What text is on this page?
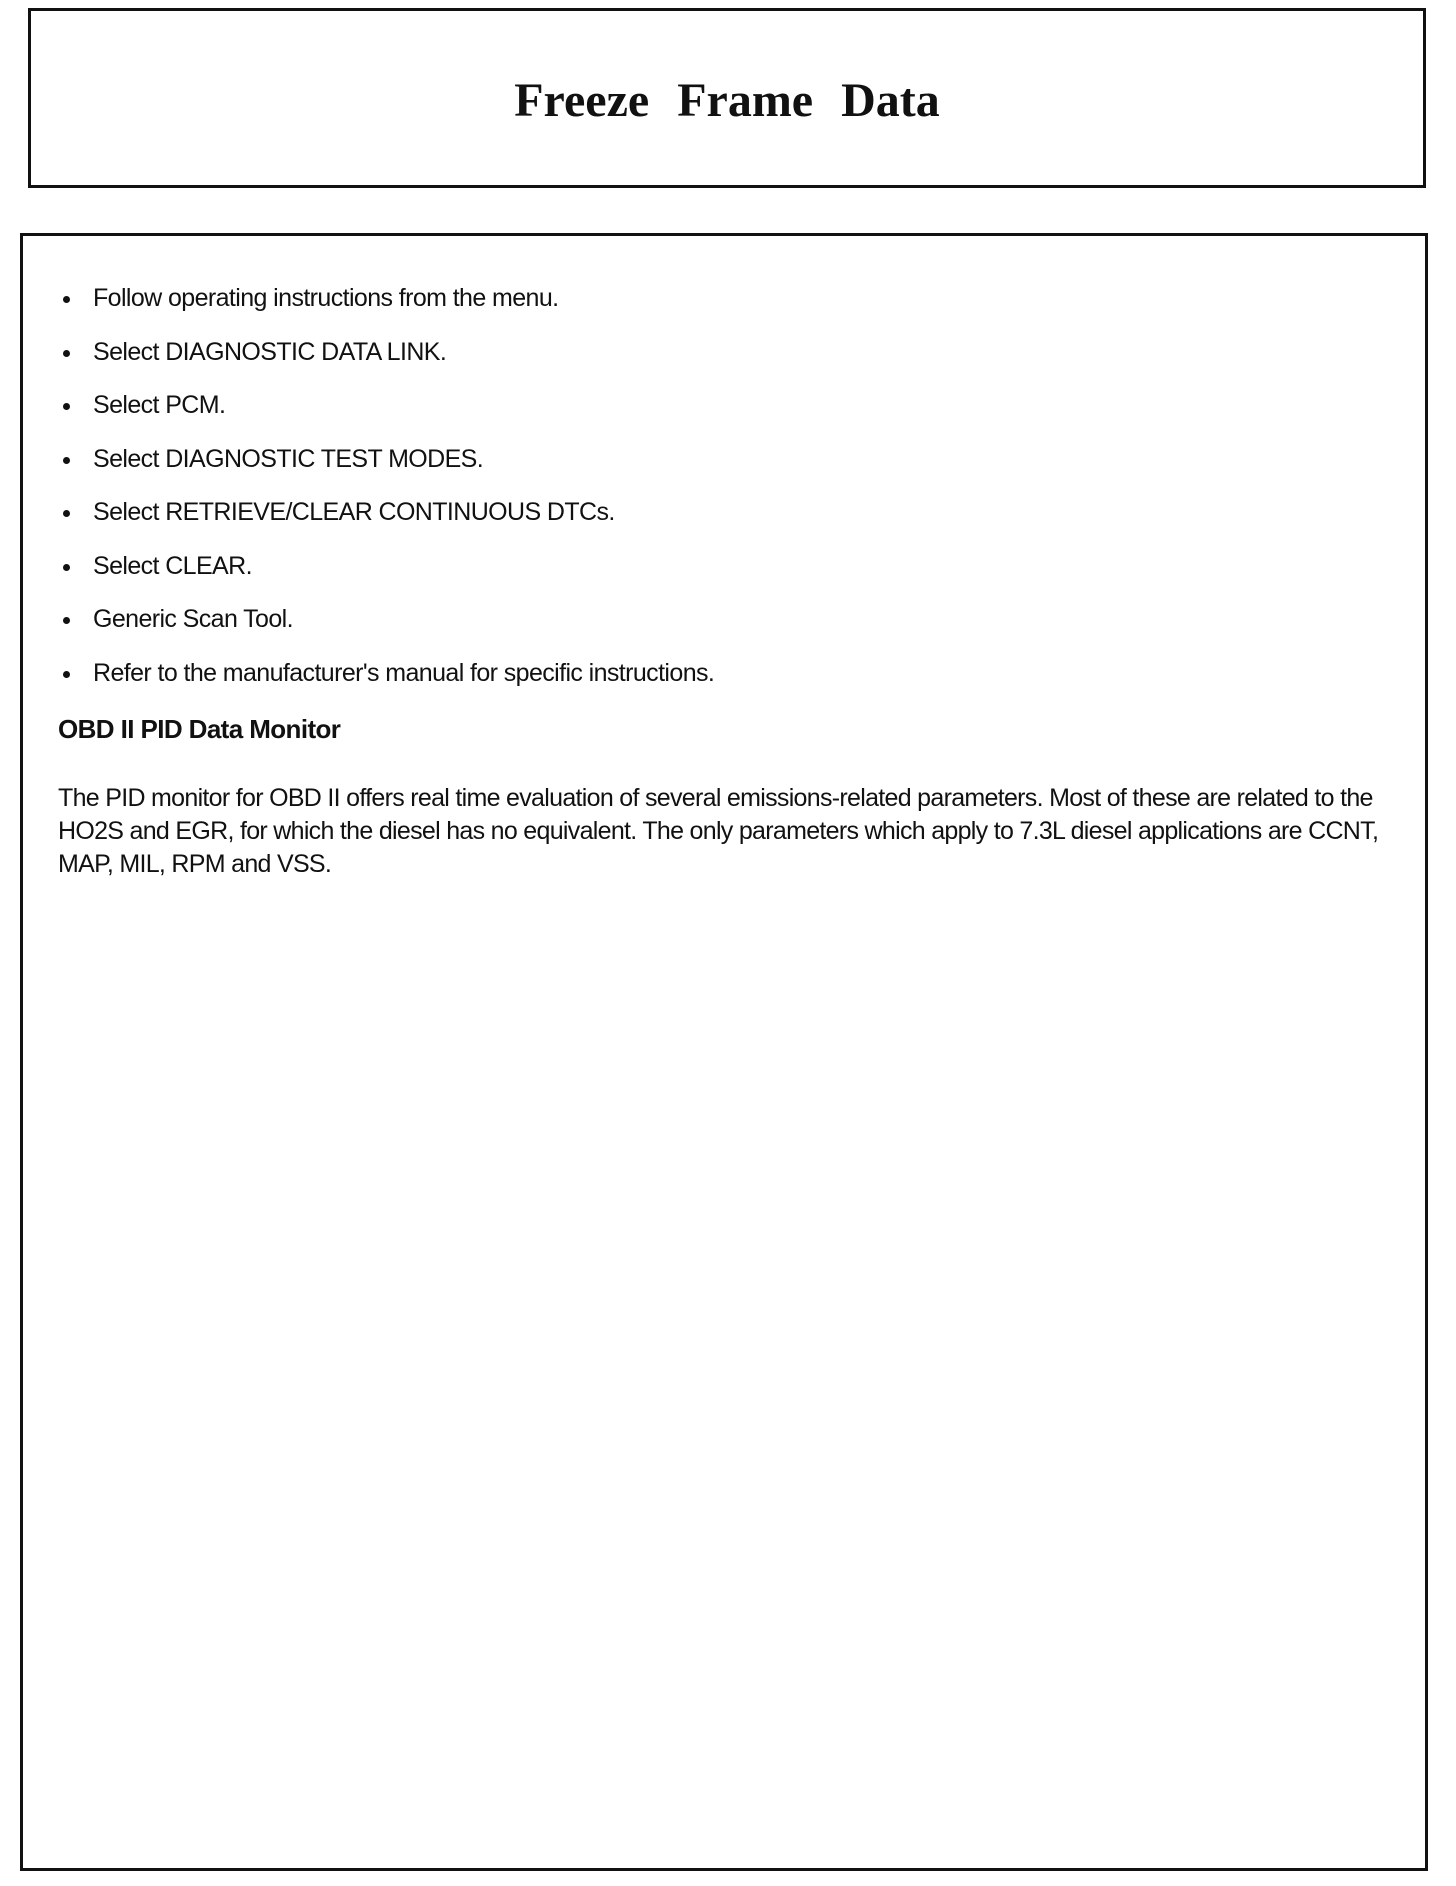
Freeze Frame Data
Follow operating instructions from the menu.
Select DIAGNOSTIC DATA LINK.
Select PCM.
Select DIAGNOSTIC TEST MODES.
Select RETRIEVE/CLEAR CONTINUOUS DTCs.
Select CLEAR.
Generic Scan Tool.
Refer to the manufacturer's manual for specific instructions.
OBD II PID Data Monitor

The PID monitor for OBD II offers real time evaluation of several emissions-related parameters. Most of these are related to the HO2S and EGR, for which the diesel has no equivalent. The only parameters which apply to 7.3L diesel applications are CCNT, MAP, MIL, RPM and VSS.
